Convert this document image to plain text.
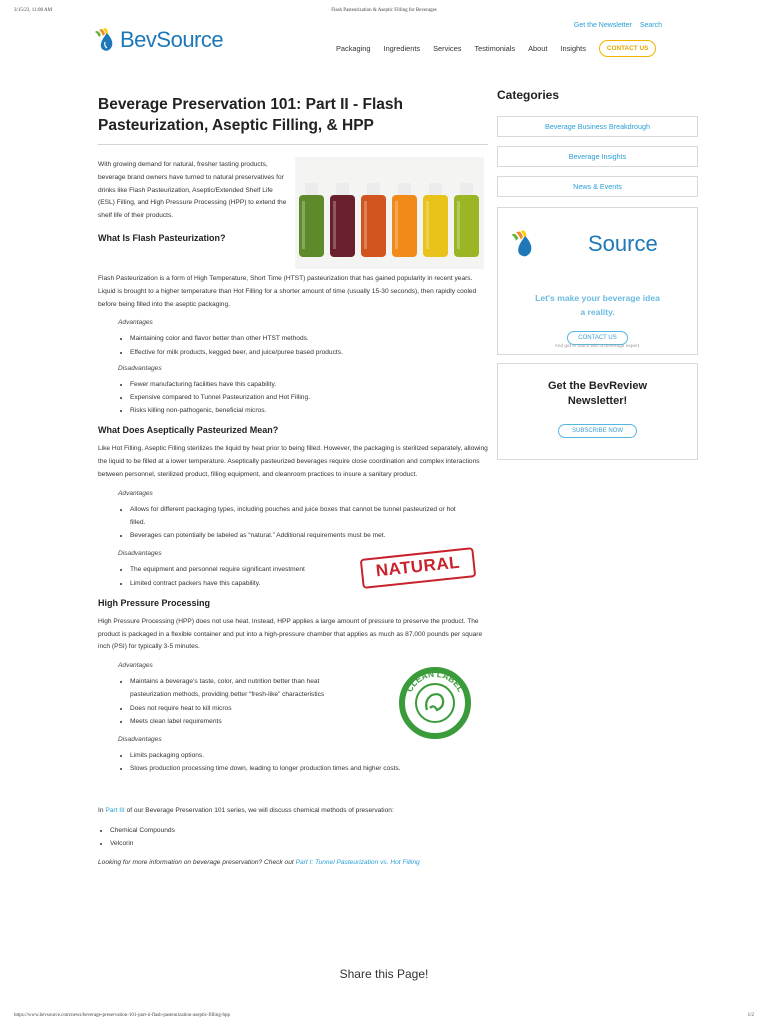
3/15/23, 11:08 AM	Flash Pasteurization & Aseptic Filling for Beverages
Get the Newsletter Search
BevSource	Packaging Ingredients Services Testimonials About Insights	CONTACT US
Beverage Preservation 101: Part II - Flash Pasteurization, Aseptic Filling, & HPP

With growing demand for natural, fresher tasting products, beverage brand owners have turned to natural preservatives for drinks like Flash Pasteurization, Aseptic/Extended Shelf Life (ESL) Filling, and High Pressure Processing (HPP) to extend the shelf life of their products.

What Is Flash Pasteurization?

Flash Pasteurization is a form of High Temperature, Short Time (HTST) pasteurization that has gained popularity in recent years. Liquid is brought to a higher temperature than Hot Filling for a shorter amount of time (usually 15-30 seconds), then rapidly cooled before being filled into the aseptic packaging.

Advantages
• Maintaining color and flavor better than other HTST methods.
• Effective for milk products, kegged beer, and juice/puree based products.
Disadvantages
• Fewer manufacturing facilities have this capability.
• Expensive compared to Tunnel Pasteurization and Hot Filling.
• Risks killing non-pathogenic, beneficial micros.
What Does Aseptically Pasteurized Mean?

Like Hot Filling, Aseptic Filling sterilizes the liquid by heat prior to being filled. However, the packaging is sterilized separately, allowing the liquid to be filled at a lower temperature. Aseptically pasteurized beverages require close coordination and complex interactions between personnel, sterilized product, filling equipment, and cleanroom practices to insure a sanitary product.

Advantages
• Allows for different packaging types, including pouches and juice boxes that cannot be tunnel pasteurized or hot filled.
• Beverages can potentially be labeled as “natural.” Additional requirements must be met.
Disadvantages
• The equipment and personnel require significant investment
• Limited contract packers have this capability.
NATURAL
High Pressure Processing

High Pressure Processing (HPP) does not use heat. Instead, HPP applies a large amount of pressure to preserve the product. The product is packaged in a flexible container and put into a high-pressure chamber that applies as much as 87,000 pounds per square inch (PSI) for typically 3-5 minutes.

Advantages
• Maintains a beverage’s taste, color, and nutrition better than heat pasteurization methods, providing better “fresh-like” characteristics
• Does not require heat to kill micros
• Meets clean label requirements
Disadvantages
• Limits packaging options.
• Slows production processing time down, leading to longer production times and higher costs.
CLEAN LABEL

In Part III of our Beverage Preservation 101 series, we will discuss chemical methods of preservation:

• Chemical Compounds
• Velcorin

Looking for more information on beverage preservation? Check out Part I: Tunnel Pasteurization vs. Hot Filling

Categories
Beverage Business Breakdrough
Beverage Insights
News & Events
Source
Let's make your beverage idea
a reality.
CONTACT US
And get in touch with a beverage expert.
Get the BevReview
Newsletter!
SUBSCRIBE NOW
Share this Page!
https://www.bevsource.com/news/beverage-preservation-101-part-ii-flash-pasteurization-aseptic-filling-hpp	1/2
